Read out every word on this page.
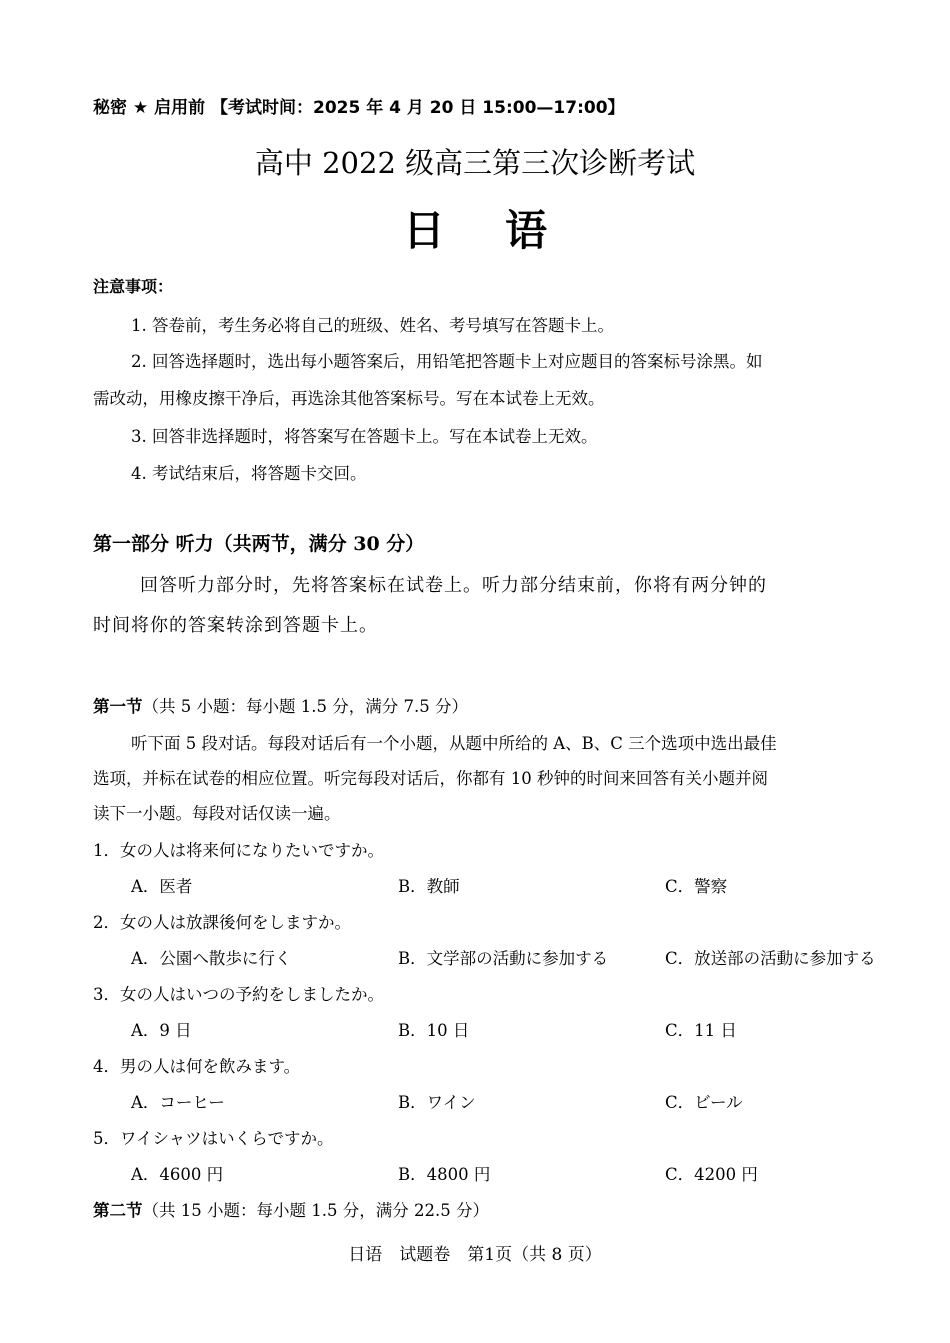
秘密 ★ 启用前 【考试时间：2025 年 4 月 20 日 15:00—17:00】
高中 2022 级高三第三次诊断考试
日语
注意事项：
1. 答卷前，考生务必将自己的班级、姓名、考号填写在答题卡上。
2. 回答选择题时，选出每小题答案后，用铅笔把答题卡上对应题目的答案标号涂黑。如
需改动，用橡皮擦干净后，再选涂其他答案标号。写在本试卷上无效。
3. 回答非选择题时，将答案写在答题卡上。写在本试卷上无效。
4. 考试结束后，将答题卡交回。
第一部分 听力（共两节，满分 30 分）
回答听力部分时，先将答案标在试卷上。听力部分结束前，你将有两分钟的
时间将你的答案转涂到答题卡上。
第一节（共 5 小题：每小题 1.5 分，满分 7.5 分）
听下面 5 段对话。每段对话后有一个小题，从题中所给的 A、B、C 三个选项中选出最佳
选项，并标在试卷的相应位置。听完每段对话后，你都有 10 秒钟的时间来回答有关小题并阅
读下一小题。每段对话仅读一遍。
1．女の人は将来何になりたいですか。
A．医者	B．教師	C．警察
2．女の人は放課後何をしますか。
A．公園へ散歩に行く	B．文学部の活動に参加する	C．放送部の活動に参加する
3．女の人はいつの予約をしましたか。
A．9 日	B．10 日	C．11 日
4．男の人は何を飲みます。
A．コーヒー	B．ワイン	C．ビール
5．ワイシャツはいくらですか。
A．4600 円	B．4800 円	C．4200 円
第二节（共 15 小题：每小题 1.5 分，满分 22.5 分）
日语　试题卷　第1页（共 8 页）
